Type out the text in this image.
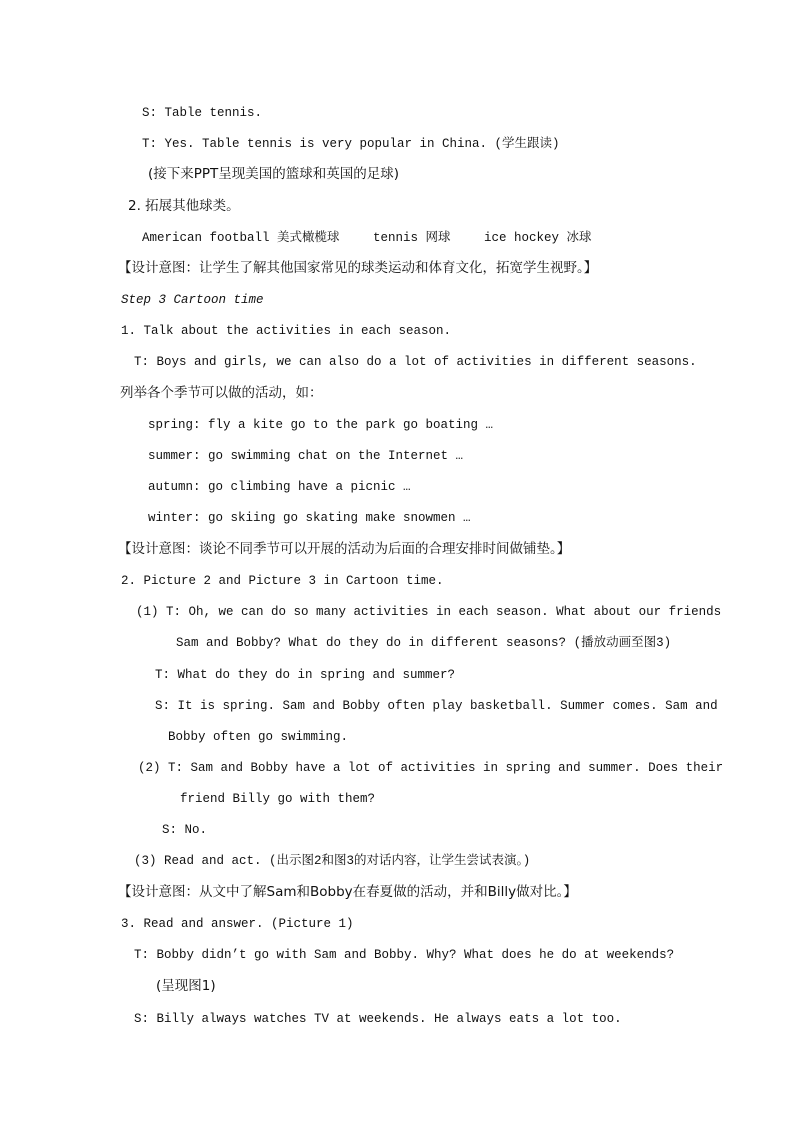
S: Table tennis.
T: Yes. Table tennis is very popular in China. (学生跟读)
(接下来PPT呈现美国的篮球和英国的足球)
2. 拓展其他球类。
American football 美式橄榄球	tennis 网球	ice hockey 冰球
【设计意图：让学生了解其他国家常见的球类运动和体育文化，拓宽学生视野。】
Step 3 Cartoon time
1. Talk about the activities in each season.
T: Boys and girls, we can also do a lot of activities in different seasons.
列举各个季节可以做的活动，如：
spring: fly a kite go to the park go boating …
summer: go swimming chat on the Internet …
autumn: go climbing have a picnic …
winter: go skiing go skating make snowmen …
【设计意图：谈论不同季节可以开展的活动为后面的合理安排时间做铺垫。】
2. Picture 2 and Picture 3 in Cartoon time.
(1) T: Oh, we can do so many activities in each season. What about our friends
Sam and Bobby? What do they do in different seasons? (播放动画至图3)
T: What do they do in spring and summer?
S: It is spring. Sam and Bobby often play basketball. Summer comes. Sam and
Bobby often go swimming.
(2) T: Sam and Bobby have a lot of activities in spring and summer. Does their
friend Billy go with them?
S: No.
(3) Read and act. (出示图2和图3的对话内容，让学生尝试表演。)
【设计意图：从文中了解Sam和Bobby在春夏做的活动，并和Billy做对比。】
3. Read and answer. (Picture 1)
T: Bobby didn’t go with Sam and Bobby. Why? What does he do at weekends?
(呈现图1)
S: Billy always watches TV at weekends. He always eats a lot too.
